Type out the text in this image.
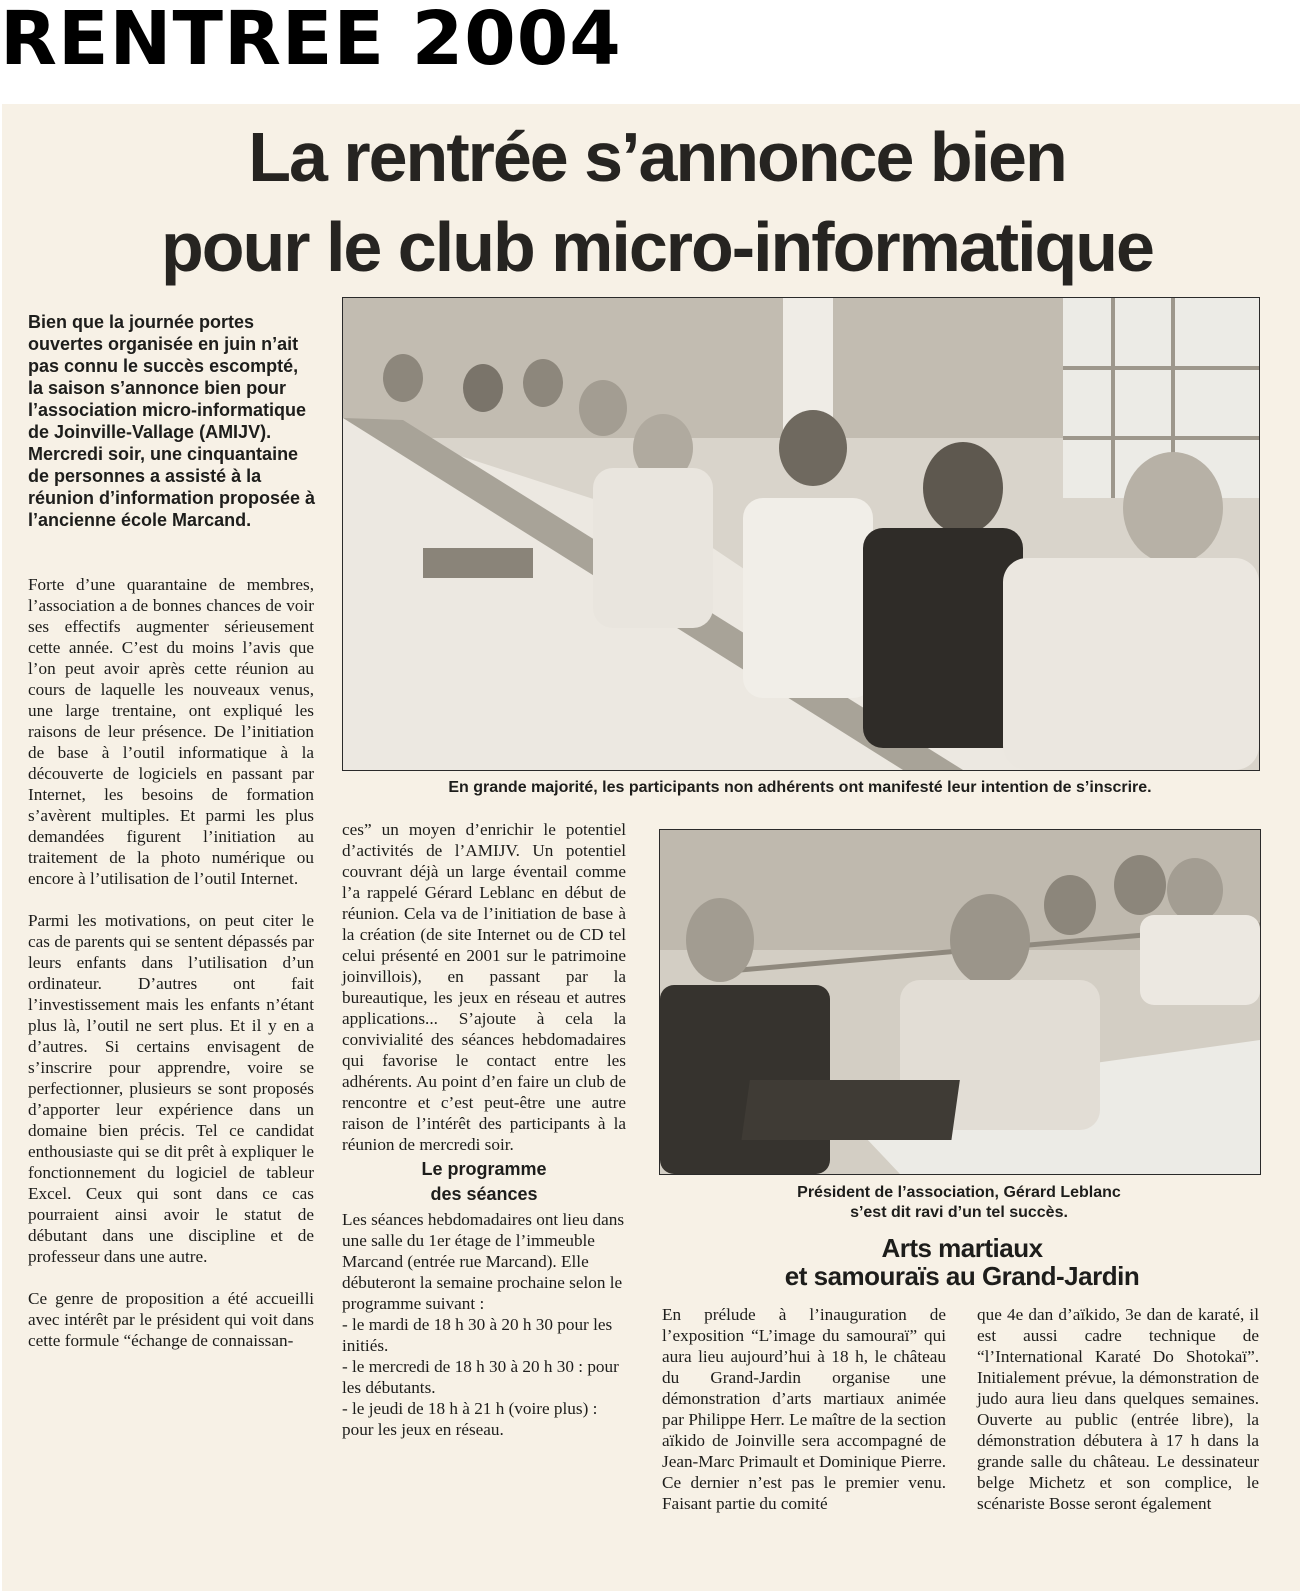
RENTREE 2004

La rentrée s’annonce bien
pour le club micro-informatique
Bien que la journée portes ouvertes organisée en juin n’ait pas connu le succès escompté, la saison s’annonce bien pour l’association micro-informatique de Joinville-Vallage (AMIJV). Mercredi soir, une cinquantaine de personnes a assisté à la réunion d’information proposée à l’ancienne école Marcand.
En grande majorité, les participants non adhérents ont manifesté leur intention de s’inscrire.

Forte d’une quarantaine de membres, l’association a de bonnes chances de voir ses effectifs augmenter sérieusement cette année. C’est du moins l’avis que l’on peut avoir après cette réunion au cours de laquelle les nouveaux venus, une large trentaine, ont expliqué les raisons de leur présence. De l’initiation de base à l’outil informatique à la découverte de logiciels en passant par Internet, les besoins de formation s’avèrent multiples. Et parmi les plus demandées figurent l’initiation au traitement de la photo numérique ou encore à l’utilisation de l’outil Internet.

Parmi les motivations, on peut citer le cas de parents qui se sentent dépassés par leurs enfants dans l’utilisation d’un ordinateur. D’autres ont fait l’investissement mais les enfants n’étant plus là, l’outil ne sert plus. Et il y en a d’autres. Si certains envisagent de s’inscrire pour apprendre, voire se perfectionner, plusieurs se sont proposés d’apporter leur expérience dans un domaine bien précis. Tel ce candidat enthousiaste qui se dit prêt à expliquer le fonctionnement du logiciel de tableur Excel. Ceux qui sont dans ce cas pourraient ainsi avoir le statut de débutant dans une discipline et de professeur dans une autre.

Ce genre de proposition a été accueilli avec intérêt par le président qui voit dans cette formule “échange de connaissan-

ces” un moyen d’enrichir le potentiel d’activités de l’AMIJV. Un potentiel couvrant déjà un large éventail comme l’a rappelé Gérard Leblanc en début de réunion. Cela va de l’initiation de base à la création (de site Internet ou de CD tel celui présenté en 2001 sur le patrimoine joinvillois), en passant par la bureautique, les jeux en réseau et autres applications... S’ajoute à cela la convivialité des séances hebdomadaires qui favorise le contact entre les adhérents. Au point d’en faire un club de rencontre et c’est peut-être une autre raison de l’intérêt des participants à la réunion de mercredi soir.

Le programme
des séances

Les séances hebdomadaires ont lieu dans une salle du 1er étage de l’immeuble Marcand (entrée rue Marcand). Elle débuteront la semaine prochaine selon le programme suivant :

- le mardi de 18 h 30 à 20 h 30 pour les initiés.

- le mercredi de 18 h 30 à 20 h 30 : pour les débutants.

- le jeudi de 18 h à 21 h (voire plus) : pour les jeux en réseau.

Président de l’association, Gérard Leblanc
s’est dit ravi d’un tel succès.
Arts martiaux
et samouraïs au Grand-Jardin

En prélude à l’inauguration de l’exposition “L’image du samouraï” qui aura lieu aujourd’hui à 18 h, le château du Grand-Jardin organise une démonstration d’arts martiaux animée par Philippe Herr. Le maître de la section aïkido de Joinville sera accompagné de Jean-Marc Primault et Dominique Pierre.

Ce dernier n’est pas le premier venu. Faisant partie du comité

que 4e dan d’aïkido, 3e dan de karaté, il est aussi cadre technique de “l’International Karaté Do Shotokaï”. Initialement prévue, la démonstration de judo aura lieu dans quelques semaines. Ouverte au public (entrée libre), la démonstration débutera à 17 h dans la grande salle du château. Le dessinateur belge Michetz et son complice, le scénariste Bosse seront également
